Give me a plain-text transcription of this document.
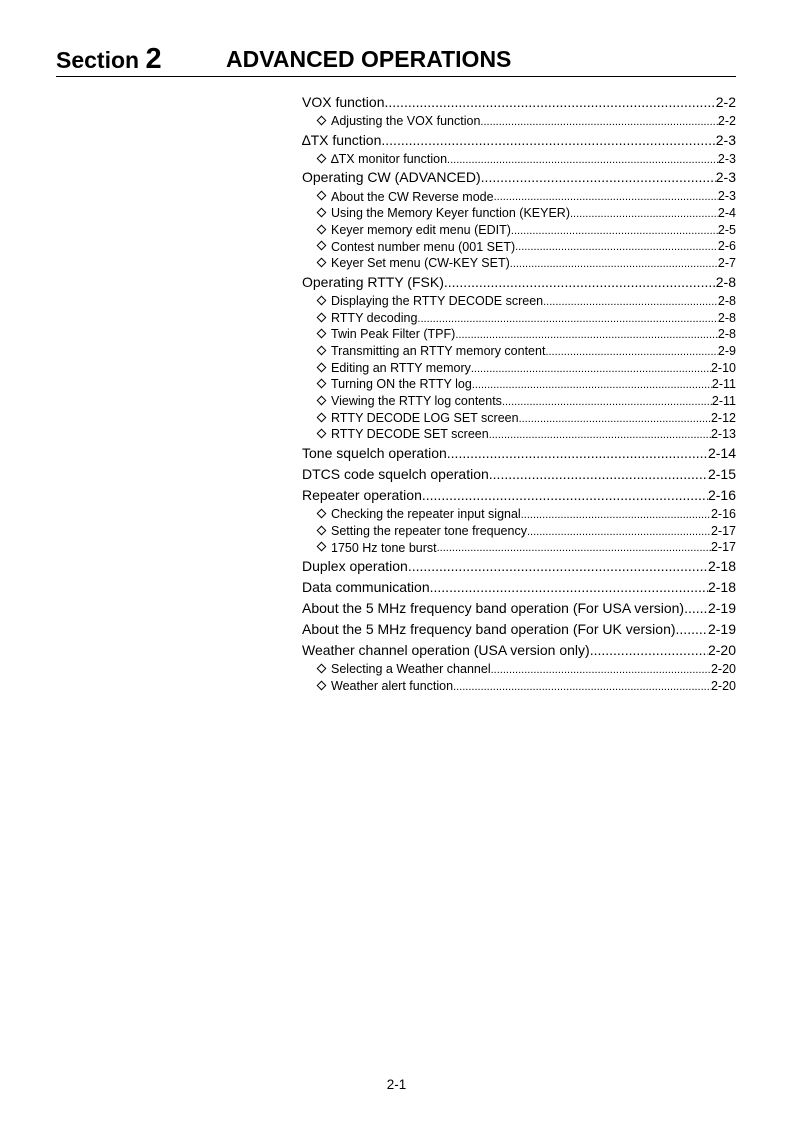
Section 2	ADVANCED OPERATIONS
VOX function .....	2-2
Adjusting the VOX function .....	2-2
∆TX function .....	2-3
∆TX monitor function .....	2-3
Operating CW (ADVANCED) .....	2-3
About the CW Reverse mode .....	2-3
Using the Memory Keyer function (KEYER) .....	2-4
Keyer memory edit menu (EDIT) .....	2-5
Contest number menu (001 SET) .....	2-6
Keyer Set menu (CW-KEY SET) .....	2-7
Operating RTTY (FSK) .....	2-8
Displaying the RTTY DECODE screen .....	2-8
RTTY decoding .....	2-8
Twin Peak Filter (TPF) .....	2-8
Transmitting an RTTY memory content .....	2-9
Editing an RTTY memory .....	2-10
Turning ON the RTTY log .....	2-11
Viewing the RTTY log contents .....	2-11
RTTY DECODE LOG SET screen .....	2-12
RTTY DECODE SET screen .....	2-13
Tone squelch operation .....	2-14
DTCS code squelch operation .....	2-15
Repeater operation .....	2-16
Checking the repeater input signal .....	2-16
Setting the repeater tone frequency .....	2-17
1750 Hz tone burst .....	2-17
Duplex operation .....	2-18
Data communication .....	2-18
About the 5 MHz frequency band operation (For USA version) ..... 2-19
About the 5 MHz frequency band operation (For UK version) ..... 2-19
Weather channel operation (USA version only) .....	2-20
Selecting a Weather channel .....	2-20
Weather alert function .....	2-20
2-1
